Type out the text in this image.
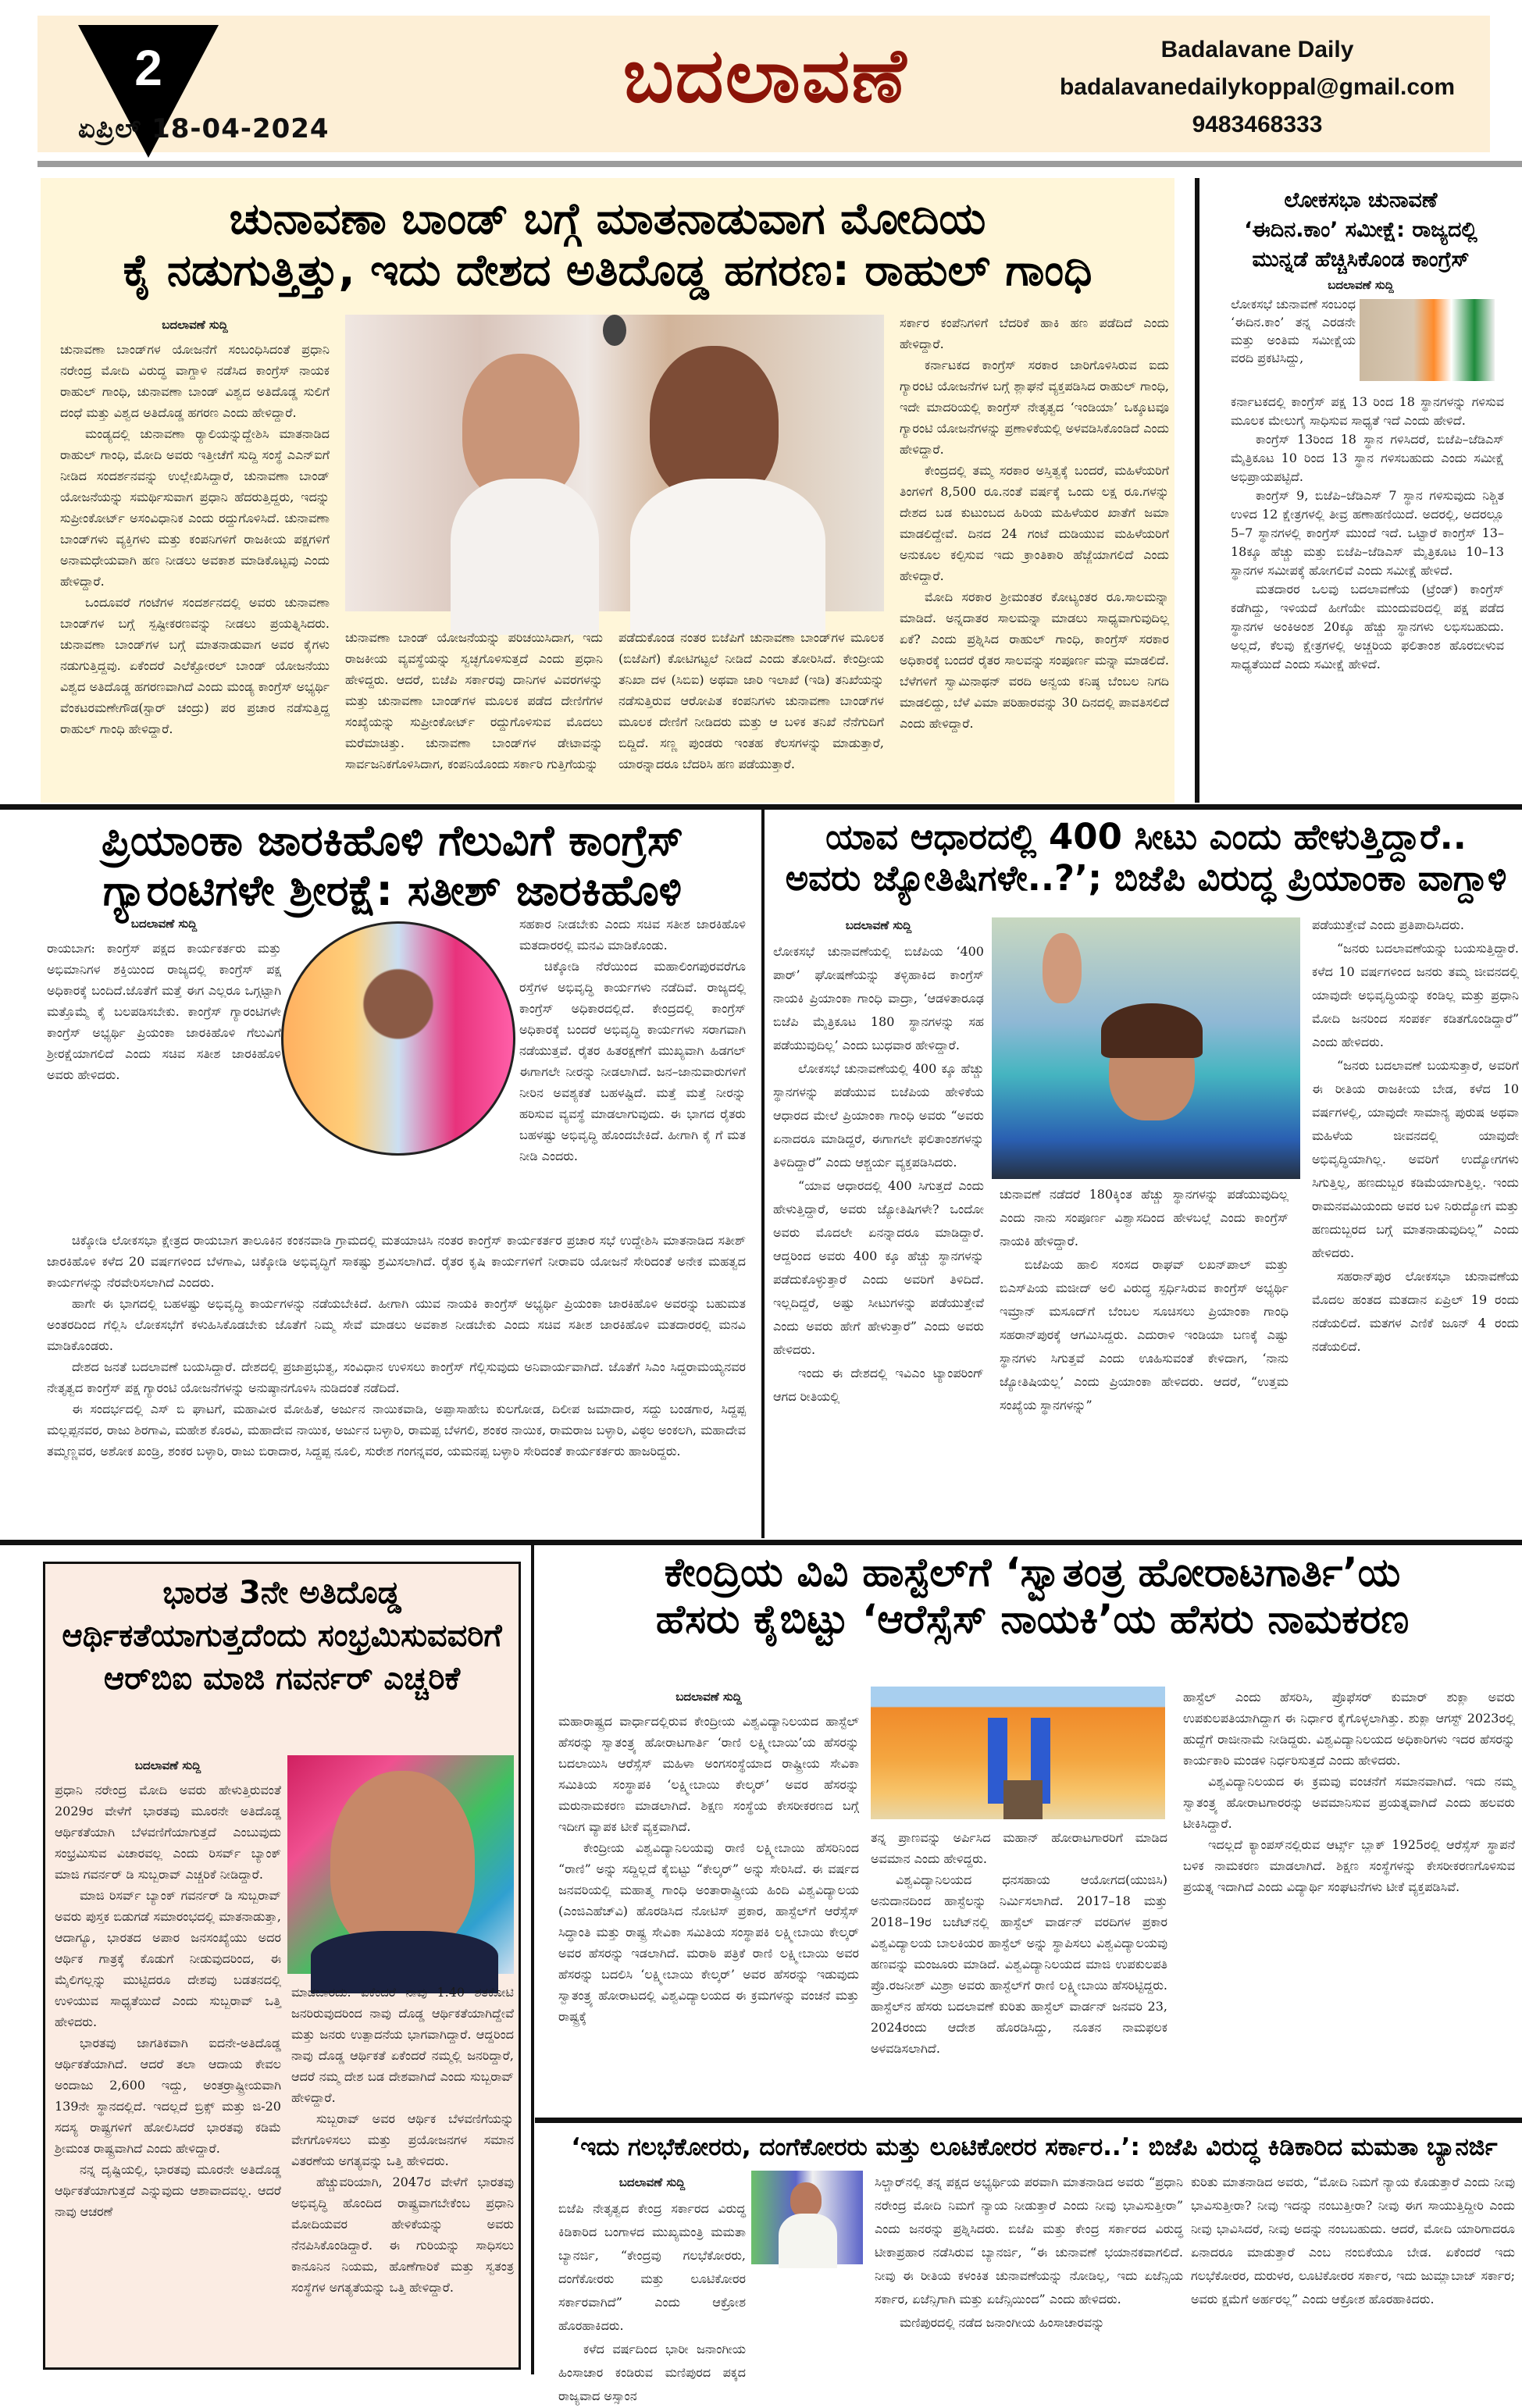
2
ಏಪ್ರಿಲ್ 18-04-2024
ಬದಲಾವಣೆ	Badalavane Daily
badalavanedailykoppal@gmail.com
9483468333
ಚುನಾವಣಾ ಬಾಂಡ್ ಬಗ್ಗೆ ಮಾತನಾಡುವಾಗ ಮೋದಿಯ
ಕೈ ನಡುಗುತ್ತಿತ್ತು, ಇದು ದೇಶದ ಅತಿದೊಡ್ಡ ಹಗರಣ: ರಾಹುಲ್ ಗಾಂಧಿ
ಬದಲಾವಣೆ ಸುದ್ದಿ

ಚುನಾವಣಾ ಬಾಂಡ್‌ಗಳ ಯೋಜನೆಗೆ ಸಂಬಂಧಿಸಿದಂತೆ ಪ್ರಧಾನಿ ನರೇಂದ್ರ ಮೋದಿ ವಿರುದ್ಧ ವಾಗ್ದಾಳಿ ನಡೆಸಿದ ಕಾಂಗ್ರೆಸ್ ನಾಯಕ ರಾಹುಲ್ ಗಾಂಧಿ, ಚುನಾವಣಾ ಬಾಂಡ್ ವಿಶ್ವದ ಅತಿದೊಡ್ಡ ಸುಲಿಗೆ ದಂಧೆ ಮತ್ತು ವಿಶ್ವದ ಅತಿದೊಡ್ಡ ಹಗರಣ ಎಂದು ಹೇಳಿದ್ದಾರೆ.

ಮಂಡ್ಯದಲ್ಲಿ ಚುನಾವಣಾ ರ‍್ಯಾಲಿಯನ್ನುದ್ದೇಶಿಸಿ ಮಾತನಾಡಿದ ರಾಹುಲ್ ಗಾಂಧಿ, ಮೋದಿ ಅವರು ಇತ್ತೀಚೆಗೆ ಸುದ್ದಿ ಸಂಸ್ಥೆ ಎಎನ್‌ಐಗೆ ನೀಡಿದ ಸಂದರ್ಶನವನ್ನು ಉಲ್ಲೇಖಿಸಿದ್ದಾರೆ, ಚುನಾವಣಾ ಬಾಂಡ್ ಯೋಜನೆಯನ್ನು ಸಮರ್ಥಿಸುವಾಗ ಪ್ರಧಾನಿ ಹೆದರುತ್ತಿದ್ದರು, ಇದನ್ನು ಸುಪ್ರೀಂಕೋರ್ಟ್ ಅಸಂವಿಧಾನಿಕ ಎಂದು ರದ್ದುಗೊಳಿಸಿದೆ. ಚುನಾವಣಾ ಬಾಂಡ್‌ಗಳು ವ್ಯಕ್ತಿಗಳು ಮತ್ತು ಕಂಪನಿಗಳಿಗೆ ರಾಜಕೀಯ ಪಕ್ಷಗಳಿಗೆ ಅನಾಮಧೇಯವಾಗಿ ಹಣ ನೀಡಲು ಅವಕಾಶ ಮಾಡಿಕೊಟ್ಟವು ಎಂದು ಹೇಳಿದ್ದಾರೆ.

ಒಂದೂವರೆ ಗಂಟೆಗಳ ಸಂದರ್ಶನದಲ್ಲಿ ಅವರು ಚುನಾವಣಾ ಬಾಂಡ್‌ಗಳ ಬಗ್ಗೆ ಸ್ಪಷ್ಟೀಕರಣವನ್ನು ನೀಡಲು ಪ್ರಯತ್ನಿಸಿದರು. ಚುನಾವಣಾ ಬಾಂಡ್‌ಗಳ ಬಗ್ಗೆ ಮಾತನಾಡುವಾಗ ಅವರ ಕೈಗಳು ನಡುಗುತ್ತಿದ್ದವು. ಏಕೆಂದರೆ ಎಲೆಕ್ಟೋರಲ್ ಬಾಂಡ್ ಯೋಜನೆಯು ವಿಶ್ವದ ಅತಿದೊಡ್ಡ ಹಗರಣವಾಗಿದೆ ಎಂದು ಮಂಡ್ಯ ಕಾಂಗ್ರೆಸ್ ಅಭ್ಯರ್ಥಿ ವೆಂಕಟರಮಣೇಗೌಡ(ಸ್ಟಾರ್ ಚಂದ್ರು) ಪರ ಪ್ರಚಾರ ನಡೆಸುತ್ತಿದ್ದ ರಾಹುಲ್ ಗಾಂಧಿ ಹೇಳಿದ್ದಾರೆ.

ಚುನಾವಣಾ ಬಾಂಡ್ ಯೋಜನೆಯನ್ನು ಪರಿಚಯಿಸಿದಾಗ, ಇದು ರಾಜಕೀಯ ವ್ಯವಸ್ಥೆಯನ್ನು ಸ್ವಚ್ಛಗೊಳಿಸುತ್ತದೆ ಎಂದು ಪ್ರಧಾನಿ ಹೇಳಿದ್ದರು. ಆದರೆ, ಬಿಜೆಪಿ ಸರ್ಕಾರವು ದಾನಿಗಳ ವಿವರಗಳನ್ನು ಮತ್ತು ಚುನಾವಣಾ ಬಾಂಡ್‌ಗಳ ಮೂಲಕ ಪಡೆದ ದೇಣಿಗೆಗಳ ಸಂಖ್ಯೆಯನ್ನು ಸುಪ್ರೀಂಕೋರ್ಟ್ ರದ್ದುಗೊಳಿಸುವ ಮೊದಲು ಮರೆಮಾಚಿತ್ತು. ಚುನಾವಣಾ ಬಾಂಡ್‌ಗಳ ಡೇಟಾವನ್ನು ಸಾರ್ವಜನಿಕಗೊಳಿಸಿದಾಗ, ಕಂಪನಿಯೊಂದು ಸರ್ಕಾರಿ ಗುತ್ತಿಗೆಯನ್ನು

ಪಡೆದುಕೊಂಡ ನಂತರ ಬಿಜೆಪಿಗೆ ಚುನಾವಣಾ ಬಾಂಡ್‌ಗಳ ಮೂಲಕ (ಬಿಜೆಪಿಗೆ) ಕೋಟಿಗಟ್ಟಲೆ ನೀಡಿದೆ ಎಂದು ತೋರಿಸಿದೆ. ಕೇಂದ್ರೀಯ ತನಿಖಾ ದಳ (ಸಿಬಿಐ) ಅಥವಾ ಜಾರಿ ಇಲಾಖೆ (ಇಡಿ) ತನಿಖೆಯನ್ನು ನಡೆಸುತ್ತಿರುವ ಆರೋಪಿತ ಕಂಪನಿಗಳು ಚುನಾವಣಾ ಬಾಂಡ್‌ಗಳ ಮೂಲಕ ದೇಣಿಗೆ ನೀಡಿದರು ಮತ್ತು ಆ ಬಳಿಕ ತನಿಖೆ ನೆನೆಗುದಿಗೆ ಬಿದ್ದಿದೆ. ಸಣ್ಣ ಪುಂಡರು ಇಂತಹ ಕೆಲಸಗಳನ್ನು ಮಾಡುತ್ತಾರೆ, ಯಾರನ್ನಾದರೂ ಬೆದರಿಸಿ ಹಣ ಪಡೆಯುತ್ತಾರೆ.

ಸರ್ಕಾರ ಕಂಪೆನಿಗಳಿಗೆ ಬೆದರಿಕೆ ಹಾಕಿ ಹಣ ಪಡೆದಿದೆ ಎಂದು ಹೇಳಿದ್ದಾರೆ.

ಕರ್ನಾಟಕದ ಕಾಂಗ್ರೆಸ್ ಸರಕಾರ ಜಾರಿಗೊಳಿಸಿರುವ ಐದು ಗ್ಯಾರಂಟಿ ಯೋಜನೆಗಳ ಬಗ್ಗೆ ಶ್ಲಾಘನೆ ವ್ಯಕ್ತಪಡಿಸಿದ ರಾಹುಲ್ ಗಾಂಧಿ, ಇದೇ ಮಾದರಿಯಲ್ಲಿ ಕಾಂಗ್ರೆಸ್ ನೇತೃತ್ವದ ‘ಇಂಡಿಯಾ’ ಒಕ್ಕೂಟವೂ ಗ್ಯಾರಂಟಿ ಯೋಜನೆಗಳನ್ನು ಪ್ರಣಾಳಿಕೆಯಲ್ಲಿ ಅಳವಡಿಸಿಕೊಂಡಿದೆ ಎಂದು ಹೇಳಿದ್ದಾರೆ.

ಕೇಂದ್ರದಲ್ಲಿ ತಮ್ಮ ಸರಕಾರ ಅಸ್ತಿತ್ವಕ್ಕೆ ಬಂದರೆ, ಮಹಿಳೆಯರಿಗೆ ತಿಂಗಳಿಗೆ 8,500 ರೂ.ನಂತೆ ವರ್ಷಕ್ಕೆ ಒಂದು ಲಕ್ಷ ರೂ.ಗಳನ್ನು ದೇಶದ ಬಡ ಕುಟುಂಬದ ಹಿರಿಯ ಮಹಿಳೆಯರ ಖಾತೆಗೆ ಜಮಾ ಮಾಡಲಿದ್ದೇವೆ. ದಿನದ 24 ಗಂಟೆ ದುಡಿಯುವ ಮಹಿಳೆಯರಿಗೆ ಅನುಕೂಲ ಕಲ್ಪಿಸುವ ಇದು ಕ್ರಾಂತಿಕಾರಿ ಹೆಜ್ಜೆಯಾಗಲಿದೆ ಎಂದು ಹೇಳಿದ್ದಾರೆ.

ಮೋದಿ ಸರಕಾರ ಶ್ರೀಮಂತರ ಕೋಟ್ಯಂತರ ರೂ.ಸಾಲಮನ್ನಾ ಮಾಡಿದೆ. ಅನ್ನದಾತರ ಸಾಲಮನ್ನಾ ಮಾಡಲು ಸಾಧ್ಯವಾಗುವುದಿಲ್ಲ ಏಕೆ? ಎಂದು ಪ್ರಶ್ನಿಸಿದ ರಾಹುಲ್ ಗಾಂಧಿ, ಕಾಂಗ್ರೆಸ್ ಸರಕಾರ ಅಧಿಕಾರಕ್ಕೆ ಬಂದರೆ ರೈತರ ಸಾಲವನ್ನು ಸಂಪೂರ್ಣ ಮನ್ನಾ ಮಾಡಲಿದೆ. ಬೆಳೆಗಳಿಗೆ ಸ್ವಾಮಿನಾಥನ್ ವರದಿ ಅನ್ವಯ ಕನಿಷ್ಠ ಬೆಂಬಲ ನಿಗದಿ ಮಾಡಲಿದ್ದು, ಬೆಳೆ ವಿಮಾ ಪರಿಹಾರವನ್ನು 30 ದಿನದಲ್ಲಿ ಪಾವತಿಸಲಿದೆ ಎಂದು ಹೇಳಿದ್ದಾರೆ.

ಲೋಕಸಭಾ ಚುನಾವಣೆ
‘ಈದಿನ.ಕಾಂ’ ಸಮೀಕ್ಷೆ: ರಾಜ್ಯದಲ್ಲಿ
ಮುನ್ನಡೆ ಹೆಚ್ಚಿಸಿಕೊಂಡ ಕಾಂಗ್ರೆಸ್
ಬದಲಾವಣೆ ಸುದ್ದಿ

ಲೋಕಸಭೆ ಚುನಾವಣೆ ಸಂಬಂಧ ‘ಈದಿನ.ಕಾಂ’ ತನ್ನ ಎರಡನೇ ಮತ್ತು ಅಂತಿಮ ಸಮೀಕ್ಷೆಯ ವರದಿ ಪ್ರಕಟಿಸಿದ್ದು,

ಕರ್ನಾಟಕದಲ್ಲಿ ಕಾಂಗ್ರೆಸ್ ಪಕ್ಷ 13 ರಿಂದ 18 ಸ್ಥಾನಗಳನ್ನು ಗಳಿಸುವ ಮೂಲಕ ಮೇಲುಗೈ ಸಾಧಿಸುವ ಸಾಧ್ಯತೆ ಇದೆ ಎಂದು ಹೇಳಿದೆ.

ಕಾಂಗ್ರೆಸ್ 13ರಿಂದ 18 ಸ್ಥಾನ ಗಳಿಸಿದರೆ, ಬಿಜೆಪಿ–ಜೆಡಿಎಸ್ ಮೈತ್ರಿಕೂಟ 10 ರಿಂದ 13 ಸ್ಥಾನ ಗಳಿಸಬಹುದು ಎಂದು ಸಮೀಕ್ಷೆ ಅಭಿಪ್ರಾಯಪಟ್ಟಿದೆ.

ಕಾಂಗ್ರೆಸ್ 9, ಬಿಜೆಪಿ–ಜೆಡಿಎಸ್ 7 ಸ್ಥಾನ ಗಳಿಸುವುದು ನಿಶ್ಚಿತ ಉಳಿದ 12 ಕ್ಷೇತ್ರಗಳಲ್ಲಿ ತೀವ್ರ ಹಣಾಹಣಿಯಿದೆ. ಅದರಲ್ಲಿ, ಅದರಲ್ಲೂ 5–7 ಸ್ಥಾನಗಳಲ್ಲಿ ಕಾಂಗ್ರೆಸ್ ಮುಂದೆ ಇದೆ. ಒಟ್ಟಾರೆ ಕಾಂಗ್ರೆಸ್ 13–18ಕ್ಕೂ ಹೆಚ್ಚು ಮತ್ತು ಬಿಜೆಪಿ–ಜೆಡಿಎಸ್ ಮೈತ್ರಿಕೂಟ 10–13 ಸ್ಥಾನಗಳ ಸಮೀಪಕ್ಕೆ ಹೋಗಲಿವೆ ಎಂದು ಸಮೀಕ್ಷೆ ಹೇಳಿದೆ.

ಮತದಾರರ ಒಲವು ಬದಲಾವಣೆಯ (ಟ್ರೆಂಡ್) ಕಾಂಗ್ರೆಸ್ ಕಡೆಗಿದ್ದು, ಇಳಿಯದೆ ಹೀಗೆಯೇ ಮುಂದುವರಿದಲ್ಲಿ ಪಕ್ಷ ಪಡೆದ ಸ್ಥಾನಗಳ ಅಂಕಿಅಂಶ 20ಕ್ಕೂ ಹೆಚ್ಚು ಸ್ಥಾನಗಳು ಲಭಿಸಬಹುದು. ಅಲ್ಲದೆ, ಕೆಲವು ಕ್ಷೇತ್ರಗಳಲ್ಲಿ ಅಚ್ಚರಿಯ ಫಲಿತಾಂಶ ಹೊರಬೀಳುವ ಸಾಧ್ಯತೆಯಿದೆ ಎಂದು ಸಮೀಕ್ಷೆ ಹೇಳಿದೆ.

ಪ್ರಿಯಾಂಕಾ ಜಾರಕಿಹೊಳಿ ಗೆಲುವಿಗೆ ಕಾಂಗ್ರೆಸ್
ಗ್ಯಾರಂಟಿಗಳೇ ಶ್ರೀರಕ್ಷೆ: ಸತೀಶ್ ಜಾರಕಿಹೊಳಿ
ಬದಲಾವಣೆ ಸುದ್ದಿ

ರಾಯಬಾಗ: ಕಾಂಗ್ರೆಸ್ ಪಕ್ಷದ ಕಾರ್ಯಕರ್ತರು ಮತ್ತು ಅಭಿಮಾನಿಗಳ ಶಕ್ತಿಯಿಂದ ರಾಜ್ಯದಲ್ಲಿ ಕಾಂಗ್ರೆಸ್ ಪಕ್ಷ ಅಧಿಕಾರಕ್ಕೆ ಬಂದಿದೆ.ಜೊತೆಗೆ ಮತ್ತೆ ಈಗ ಎಲ್ಲರೂ ಒಗ್ಗಟ್ಟಾಗಿ ಮತ್ತೊಮ್ಮೆ ಕೈ ಬಲಪಡಿಸಬೇಕು. ಕಾಂಗ್ರೆಸ್ ಗ್ಯಾರಂಟಿಗಳೇ ಕಾಂಗ್ರೆಸ್ ಅಭ್ಯರ್ಥಿ ಪ್ರಿಯಂಕಾ ಜಾರಕಿಹೊಳಿ ಗೆಲುವಿಗೆ ಶ್ರೀರಕ್ಷೆಯಾಗಲಿದೆ ಎಂದು ಸಚಿವ ಸತೀಶ ಜಾರಕಿಹೊಳಿ ಅವರು ಹೇಳಿದರು.

ಸಹಕಾರ ನೀಡಬೇಕು ಎಂದು ಸಚಿವ ಸತೀಶ ಜಾರಕಿಹೊಳಿ ಮತದಾರರಲ್ಲಿ ಮನವಿ ಮಾಡಿಕೊಂಡು.

ಚಿಕ್ಕೋಡಿ ನೆರೆಯಿಂದ ಮಹಾಲಿಂಗಪುರವರೆಗೂ ರಸ್ತೆಗಳ ಅಭಿವೃದ್ಧಿ ಕಾರ್ಯಗಳು ನಡೆದಿವೆ. ರಾಜ್ಯದಲ್ಲಿ ಕಾಂಗ್ರೆಸ್ ಅಧಿಕಾರದಲ್ಲಿದೆ. ಕೇಂದ್ರದಲ್ಲಿ ಕಾಂಗ್ರೆಸ್ ಅಧಿಕಾರಕ್ಕೆ ಬಂದರೆ ಅಭಿವೃದ್ಧಿ ಕಾರ್ಯಗಳು ಸರಾಗವಾಗಿ ನಡೆಯುತ್ತವೆ. ರೈತರ ಹಿತರಕ್ಷಣೆಗೆ ಮುಖ್ಯವಾಗಿ ಹಿಡಗಲ್ ಈಗಾಗಲೇ ನೀರನ್ನು ನೀಡಲಾಗಿದೆ. ಜನ–ಜಾನುವಾರುಗಳಿಗೆ ನೀರಿನ ಅವಶ್ಯಕತೆ ಬಹಳಷ್ಟಿದೆ. ಮತ್ತೆ ಮತ್ತೆ ನೀರನ್ನು ಹರಿಸುವ ವ್ಯವಸ್ಥೆ ಮಾಡಲಾಗುವುದು. ಈ ಭಾಗದ ರೈತರು ಬಹಳಷ್ಟು ಅಭಿವೃದ್ಧಿ ಹೊಂದಬೇಕಿದೆ. ಹೀಗಾಗಿ ಕೈ ಗೆ ಮತ ನೀಡಿ ಎಂದರು.

ಚಿಕ್ಕೋಡಿ ಲೋಕಸಭಾ ಕ್ಷೇತ್ರದ ರಾಯಬಾಗ ತಾಲೂಕಿನ ಕಂಕನವಾಡಿ ಗ್ರಾಮದಲ್ಲಿ ಮತಯಾಚಿಸಿ ನಂತರ ಕಾಂಗ್ರೆಸ್ ಕಾರ್ಯಕರ್ತರ ಪ್ರಚಾರ ಸಭೆ ಉದ್ದೇಶಿಸಿ ಮಾತನಾಡಿದ ಸತೀಶ್ ಜಾರಕಿಹೊಳಿ ಕಳೆದ 20 ವರ್ಷಗಳಿಂದ ಬೆಳಗಾವಿ, ಚಿಕ್ಕೋಡಿ ಅಭಿವೃದ್ಧಿಗೆ ಸಾಕಷ್ಟು ಶ್ರಮಿಸಲಾಗಿದೆ. ರೈತರ ಕೃಷಿ ಕಾರ್ಯಗಳಿಗೆ ನೀರಾವರಿ ಯೋಜನೆ ಸೇರಿದಂತೆ ಅನೇಕ ಮಹತ್ವದ ಕಾರ್ಯಗಳನ್ನು ನೆರವೇರಿಸಲಾಗಿದೆ ಎಂದರು.

ಹಾಗೇ ಈ ಭಾಗದಲ್ಲಿ ಬಹಳಷ್ಟು ಅಭಿವೃದ್ಧಿ ಕಾರ್ಯಗಳನ್ನು ನಡೆಯಬೇಕಿದೆ. ಹೀಗಾಗಿ ಯುವ ನಾಯಕಿ ಕಾಂಗ್ರೆಸ್ ಅಭ್ಯರ್ಥಿ ಪ್ರಿಯಂಕಾ ಜಾರಕಿಹೊಳಿ ಅವರನ್ನು ಬಹುಮತ ಅಂತರದಿಂದ ಗೆಲ್ಲಿಸಿ ಲೋಕಸಭೆಗೆ ಕಳುಹಿಸಿಕೊಡಬೇಕು ಜೊತೆಗೆ ನಿಮ್ಮ ಸೇವೆ ಮಾಡಲು ಅವಕಾಶ ನೀಡಬೇಕು ಎಂದು ಸಚಿವ ಸತೀಶ ಜಾರಕಿಹೊಳಿ ಮತದಾರರಲ್ಲಿ ಮನವಿ ಮಾಡಿಕೊಂಡರು.

ದೇಶದ ಜನತೆ ಬದಲಾವಣೆ ಬಯಸಿದ್ದಾರೆ. ದೇಶದಲ್ಲಿ ಪ್ರಜಾಪ್ರಭುತ್ವ, ಸಂವಿಧಾನ ಉಳಿಸಲು ಕಾಂಗ್ರೆಸ್ ಗೆಲ್ಲಿಸುವುದು ಅನಿವಾರ್ಯವಾಗಿದೆ. ಜೊತೆಗೆ ಸಿಎಂ ಸಿದ್ದರಾಮಯ್ಯನವರ ನೇತೃತ್ವದ ಕಾಂಗ್ರೆಸ್ ಪಕ್ಷ ಗ್ಯಾರಂಟಿ ಯೋಜನೆಗಳನ್ನು ಅನುಷ್ಠಾನಗೊಳಿಸಿ ನುಡಿದಂತೆ ನಡೆದಿದೆ.

ಈ ಸಂದರ್ಭದಲ್ಲಿ ಎಸ್ ಬಿ ಘಾಟಗೆ, ಮಹಾವೀರ ಮೋಹಿತೆ, ಅರ್ಜುನ ನಾಯಿಕವಾಡಿ, ಅಪ್ಪಾಸಾಹೇಬ ಕುಲಗೋಡ, ದಿಲೀಪ ಜಮಾದಾರ, ಸದ್ದು ಬಂಡಗಾರ, ಸಿದ್ದಪ್ಪ ಮಲ್ಲಪ್ಪನವರ, ರಾಜು ಶಿರಗಾವಿ, ಮಹೇಶ ಕೊರವಿ, ಮಹಾದೇವ ನಾಯಿಕ, ಅರ್ಜುನ ಬಳ್ಳಾರಿ, ರಾಮಪ್ಪ ಬೆಳಗಲಿ, ಶಂಕರ ನಾಯಿಕ, ರಾಮರಾಜ ಬಳ್ಳಾರಿ, ವಿಠ್ಠಲ ಅಂಕಲಗಿ, ಮಹಾದೇವ ತಮ್ಮಣ್ಣವರ, ಅಶೋಕ ಖಂಡ್ರಿ, ಶಂಕರ ಬಳ್ಳಾರಿ, ರಾಜು ಬಿರಾದಾರ, ಸಿದ್ದಪ್ಪ ನೂಲಿ, ಸುರೇಶ ಗಂಗನ್ನವರ, ಯಮನಪ್ಪ ಬಳ್ಳಾರಿ ಸೇರಿದಂತೆ ಕಾರ್ಯಕರ್ತರು ಹಾಜರಿದ್ದರು.

ಯಾವ ಆಧಾರದಲ್ಲಿ 400 ಸೀಟು ಎಂದು ಹೇಳುತ್ತಿದ್ದಾರೆ..
ಅವರು ಜ್ಯೋತಿಷಿಗಳೇ..?’; ಬಿಜೆಪಿ ವಿರುದ್ಧ ಪ್ರಿಯಾಂಕಾ ವಾಗ್ದಾಳಿ
ಬದಲಾವಣೆ ಸುದ್ದಿ

ಲೋಕಸಭೆ ಚುನಾವಣೆಯಲ್ಲಿ ಬಿಜೆಪಿಯ ‘400 ಪಾರ್’ ಘೋಷಣೆಯನ್ನು ತಳ್ಳಿಹಾಕಿದ ಕಾಂಗ್ರೆಸ್ ನಾಯಕಿ ಪ್ರಿಯಾಂಕಾ ಗಾಂಧಿ ವಾದ್ರಾ, ‘ಆಡಳಿತಾರೂಢ ಬಿಜೆಪಿ ಮೈತ್ರಿಕೂಟ 180 ಸ್ಥಾನಗಳನ್ನು ಸಹ ಪಡೆಯುವುದಿಲ್ಲ’ ಎಂದು ಬುಧವಾರ ಹೇಳಿದ್ದಾರೆ.

ಲೋಕಸಭೆ ಚುನಾವಣೆಯಲ್ಲಿ 400 ಕ್ಕೂ ಹೆಚ್ಚು ಸ್ಥಾನಗಳನ್ನು ಪಡೆಯುವ ಬಿಜೆಪಿಯ ಹೇಳಿಕೆಯ ಆಧಾರದ ಮೇಲೆ ಪ್ರಿಯಾಂಕಾ ಗಾಂಧಿ ಅವರು “ಅವರು ಏನಾದರೂ ಮಾಡಿದ್ದರೆ, ಈಗಾಗಲೇ ಫಲಿತಾಂಶಗಳನ್ನು ತಿಳಿದಿದ್ದಾರೆ” ಎಂದು ಆಶ್ಚರ್ಯ ವ್ಯಕ್ತಪಡಿಸಿದರು.

“ಯಾವ ಆಧಾರದಲ್ಲಿ 400 ಸಿಗುತ್ತದೆ ಎಂದು ಹೇಳುತ್ತಿದ್ದಾರೆ, ಅವರು ಜ್ಯೋತಿಷಿಗಳೇ? ಒಂದೋ ಅವರು ಮೊದಲೇ ಏನನ್ನಾದರೂ ಮಾಡಿದ್ದಾರೆ. ಆದ್ದರಿಂದ ಅವರು 400 ಕ್ಕೂ ಹೆಚ್ಚು ಸ್ಥಾನಗಳನ್ನು ಪಡೆದುಕೊಳ್ಳುತ್ತಾರೆ ಎಂದು ಅವರಿಗೆ ತಿಳಿದಿದೆ. ಇಲ್ಲದಿದ್ದರೆ, ಅಷ್ಟು ಸೀಟುಗಳನ್ನು ಪಡೆಯುತ್ತೇವೆ ಎಂದು ಅವರು ಹೇಗೆ ಹೇಳುತ್ತಾರೆ” ಎಂದು ಅವರು ಹೇಳಿದರು.

ಇಂದು ಈ ದೇಶದಲ್ಲಿ ಇವಿಎಂ ಟ್ಯಾಂಪರಿಂಗ್ ಆಗದ ರೀತಿಯಲ್ಲಿ

ಚುನಾವಣೆ ನಡೆದರೆ 180ಕ್ಕಿಂತ ಹೆಚ್ಚು ಸ್ಥಾನಗಳನ್ನು ಪಡೆಯುವುದಿಲ್ಲ ಎಂದು ನಾನು ಸಂಪೂರ್ಣ ವಿಶ್ವಾಸದಿಂದ ಹೇಳಬಲ್ಲೆ ಎಂದು ಕಾಂಗ್ರೆಸ್ ನಾಯಕಿ ಹೇಳಿದ್ದಾರೆ.

ಬಿಜೆಪಿಯ ಹಾಲಿ ಸಂಸದ ರಾಘವ್ ಲಖನ್‌ಪಾಲ್ ಮತ್ತು ಬಿಎಸ್‌ಪಿಯ ಮಜೀದ್ ಅಲಿ ವಿರುದ್ಧ ಸ್ಪರ್ಧಿಸಿರುವ ಕಾಂಗ್ರೆಸ್ ಅಭ್ಯರ್ಥಿ ಇಮ್ರಾನ್ ಮಸೂದ್‌ಗೆ ಬೆಂಬಲ ಸೂಚಿಸಲು ಪ್ರಿಯಾಂಕಾ ಗಾಂಧಿ ಸಹರಾನ್‌ಪುರಕ್ಕೆ ಆಗಮಿಸಿದ್ದರು. ಎದುರಾಳಿ ಇಂಡಿಯಾ ಬಣಕ್ಕೆ ಎಷ್ಟು ಸ್ಥಾನಗಳು ಸಿಗುತ್ತವೆ ಎಂದು ಊಹಿಸುವಂತೆ ಕೇಳಿದಾಗ, ‘ನಾನು ಜ್ಯೋತಿಷಿಯಲ್ಲ’ ಎಂದು ಪ್ರಿಯಾಂಕಾ ಹೇಳಿದರು. ಆದರೆ, “ಉತ್ತಮ ಸಂಖ್ಯೆಯ ಸ್ಥಾನಗಳನ್ನು”

ಪಡೆಯುತ್ತೇವೆ ಎಂದು ಪ್ರತಿಪಾದಿಸಿದರು.

“ಜನರು ಬದಲಾವಣೆಯನ್ನು ಬಯಸುತ್ತಿದ್ದಾರೆ. ಕಳೆದ 10 ವರ್ಷಗಳಿಂದ ಜನರು ತಮ್ಮ ಜೀವನದಲ್ಲಿ ಯಾವುದೇ ಅಭಿವೃದ್ಧಿಯನ್ನು ಕಂಡಿಲ್ಲ ಮತ್ತು ಪ್ರಧಾನಿ ಮೋದಿ ಜನರಿಂದ ಸಂಪರ್ಕ ಕಡಿತಗೊಂಡಿದ್ದಾರೆ” ಎಂದು ಹೇಳಿದರು.

“ಜನರು ಬದಲಾವಣೆ ಬಯಸುತ್ತಾರೆ, ಅವರಿಗೆ ಈ ರೀತಿಯ ರಾಜಕೀಯ ಬೇಡ, ಕಳೆದ 10 ವರ್ಷಗಳಲ್ಲಿ, ಯಾವುದೇ ಸಾಮಾನ್ಯ ಪುರುಷ ಅಥವಾ ಮಹಿಳೆಯ ಜೀವನದಲ್ಲಿ ಯಾವುದೇ ಅಭಿವೃದ್ಧಿಯಾಗಿಲ್ಲ. ಅವರಿಗೆ ಉದ್ಯೋಗಗಳು ಸಿಗುತ್ತಿಲ್ಲ, ಹಣದುಬ್ಬರ ಕಡಿಮೆಯಾಗುತ್ತಿಲ್ಲ. ಇಂದು ರಾಮನವಮಿಯಂದು ಅವರ ಬಳಿ ನಿರುದ್ಯೋಗ ಮತ್ತು ಹಣದುಬ್ಬರದ ಬಗ್ಗೆ ಮಾತನಾಡುವುದಿಲ್ಲ” ಎಂದು ಹೇಳಿದರು.

ಸಹರಾನ್‌ಪುರ ಲೋಕಸಭಾ ಚುನಾವಣೆಯ ಮೊದಲ ಹಂತದ ಮತದಾನ ಏಪ್ರಿಲ್ 19 ರಂದು ನಡೆಯಲಿದೆ. ಮತಗಳ ಎಣಿಕೆ ಜೂನ್ 4 ರಂದು ನಡೆಯಲಿದೆ.

ಭಾರತ 3ನೇ ಅತಿದೊಡ್ಡ
ಆರ್ಥಿಕತೆಯಾಗುತ್ತದೆಂದು ಸಂಭ್ರಮಿಸುವವರಿಗೆ
ಆರ್‌ಬಿಐ ಮಾಜಿ ಗವರ್ನರ್ ಎಚ್ಚರಿಕೆ
ಬದಲಾವಣೆ ಸುದ್ದಿ

ಪ್ರಧಾನಿ ನರೇಂದ್ರ ಮೋದಿ ಅವರು ಹೇಳುತ್ತಿರುವಂತೆ 2029ರ ವೇಳೆಗೆ ಭಾರತವು ಮೂರನೇ ಅತಿದೊಡ್ಡ ಆರ್ಥಿಕತೆಯಾಗಿ ಬೆಳವಣಿಗೆಯಾಗುತ್ತದೆ ಎಂಬುವುದು ಸಂಭ್ರಮಿಸುವ ವಿಚಾರವಲ್ಲ ಎಂದು ರಿಸರ್ವ್ ಬ್ಯಾಂಕ್ ಮಾಜಿ ಗವರ್ನರ್ ಡಿ ಸುಬ್ಬರಾವ್ ಎಚ್ಚರಿಕೆ ನೀಡಿದ್ದಾರೆ.

ಮಾಜಿ ರಿಸರ್ವ್ ಬ್ಯಾಂಕ್ ಗವರ್ನರ್ ಡಿ ಸುಬ್ಬರಾವ್ ಅವರು ಪುಸ್ತಕ ಬಿಡುಗಡೆ ಸಮಾರಂಭದಲ್ಲಿ ಮಾತನಾಡುತ್ತಾ, ಆದಾಗ್ಯೂ, ಭಾರತದ ಅಪಾರ ಜನಸಂಖ್ಯೆಯು ಅದರ ಆರ್ಥಿಕ ಗಾತ್ರಕ್ಕೆ ಕೊಡುಗೆ ನೀಡುವುದರಿಂದ, ಈ ಮೈಲಿಗಲ್ಲನ್ನು ಮುಟ್ಟಿದರೂ ದೇಶವು ಬಡತನದಲ್ಲಿ ಉಳಿಯುವ ಸಾಧ್ಯತೆಯಿದೆ ಎಂದು ಸುಬ್ಬರಾವ್ ಒತ್ತಿ ಹೇಳಿದರು.

ಭಾರತವು ಜಾಗತಿಕವಾಗಿ ಐದನೇ-ಅತಿದೊಡ್ಡ ಆರ್ಥಿಕತೆಯಾಗಿದೆ. ಆದರೆ ತಲಾ ಆದಾಯ ಕೇವಲ ಅಂದಾಜು 2,600 ಇದ್ದು, ಅಂತರ್ರಾಷ್ಟ್ರೀಯವಾಗಿ 139ನೇ ಸ್ಥಾನದಲ್ಲಿದೆ. ಇದಲ್ಲದೆ ಬ್ರಿಕ್ಸ್ ಮತ್ತು ಜಿ-20 ಸದಸ್ಯ ರಾಷ್ಟ್ರಗಳಿಗೆ ಹೋಲಿಸಿದರೆ ಭಾರತವು ಕಡಿಮೆ ಶ್ರೀಮಂತ ರಾಷ್ಟ್ರವಾಗಿದೆ ಎಂದು ಹೇಳಿದ್ದಾರೆ.

ನನ್ನ ದೃಷ್ಟಿಯಲ್ಲಿ, ಭಾರತವು ಮೂರನೇ ಅತಿದೊಡ್ಡ ಆರ್ಥಿಕತೆಯಾಗುತ್ತದೆ ಎನ್ನುವುದು ಆಶಾವಾದವಲ್ಲ. ಆದರೆ ನಾವು ಆಚರಣೆ

ಮಾಡಬಾರದು. ಏಕೆಂದರೆ ನಾವು 1.40 ಶತಕೋಟಿ ಜನರಿರುವುದರಿಂದ ನಾವು ದೊಡ್ಡ ಆರ್ಥಿಕತೆಯಾಗಿದ್ದೇವೆ ಮತ್ತು ಜನರು ಉತ್ಪಾದನೆಯ ಭಾಗವಾಗಿದ್ದಾರೆ. ಆದ್ದರಿಂದ ನಾವು ದೊಡ್ಡ ಆರ್ಥಿಕತೆ ಏಕೆಂದರೆ ನಮ್ಮಲ್ಲಿ ಜನರಿದ್ದಾರೆ, ಆದರೆ ನಮ್ಮ ದೇಶ ಬಡ ದೇಶವಾಗಿದೆ ಎಂದು ಸುಬ್ಬರಾವ್ ಹೇಳಿದ್ದಾರೆ.

ಸುಬ್ಬರಾವ್ ಅವರ ಆರ್ಥಿಕ ಬೆಳವಣಿಗೆಯನ್ನು ವೇಗಗೊಳಿಸಲು ಮತ್ತು ಪ್ರಯೋಜನಗಳ ಸಮಾನ ವಿತರಣೆಯ ಅಗತ್ಯವನ್ನು ಒತ್ತಿ ಹೇಳಿದರು.

ಹೆಚ್ಚುವರಿಯಾಗಿ, 2047ರ ವೇಳೆಗೆ ಭಾರತವು ಅಭಿವೃದ್ಧಿ ಹೊಂದಿದ ರಾಷ್ಟ್ರವಾಗಬೇಕೆಂಬ ಪ್ರಧಾನಿ ಮೋದಿಯವರ ಹೇಳಿಕೆಯನ್ನು ಅವರು ನೆನಪಿಸಿಕೊಂಡಿದ್ದಾರೆ. ಈ ಗುರಿಯನ್ನು ಸಾಧಿಸಲು ಕಾನೂನಿನ ನಿಯಮ, ಹೊಣೆಗಾರಿಕೆ ಮತ್ತು ಸ್ವತಂತ್ರ ಸಂಸ್ಥೆಗಳ ಅಗತ್ಯತೆಯನ್ನು ಒತ್ತಿ ಹೇಳಿದ್ದಾರೆ.

ಕೇಂದ್ರಿಯ ವಿವಿ ಹಾಸ್ಟೆಲ್‌ಗೆ ‘ಸ್ವಾತಂತ್ರ ಹೋರಾಟಗಾರ್ತಿ’ಯ
ಹೆಸರು ಕೈಬಿಟ್ಟು ‘ಆರೆಸ್ಸೆಸ್ ನಾಯಕಿ’ಯ ಹೆಸರು ನಾಮಕರಣ
ಬದಲಾವಣೆ ಸುದ್ದಿ

ಮಹಾರಾಷ್ಟ್ರದ ವಾರ್ಧಾದಲ್ಲಿರುವ ಕೇಂದ್ರೀಯ ವಿಶ್ವವಿದ್ಯಾನಿಲಯದ ಹಾಸ್ಟೆಲ್ ಹೆಸರನ್ನು ಸ್ವಾತಂತ್ರ್ಯ ಹೋರಾಟಗಾರ್ತಿ ‘ರಾಣಿ ಲಕ್ಷ್ಮೀಬಾಯಿ’ಯ ಹೆಸರನ್ನು ಬದಲಾಯಿಸಿ ಆರೆಸ್ಸೆಸ್ ಮಹಿಳಾ ಅಂಗಸಂಸ್ಥೆಯಾದ ರಾಷ್ಟ್ರೀಯ ಸೇವಿಕಾ ಸಮಿತಿಯ ಸಂಸ್ಥಾಪಕಿ ‘ಲಕ್ಷ್ಮೀಬಾಯಿ ಕೇಲ್ಕರ್’ ಅವರ ಹೆಸರನ್ನು ಮರುನಾಮಕರಣ ಮಾಡಲಾಗಿದೆ. ಶಿಕ್ಷಣ ಸಂಸ್ಥೆಯ ಕೇಸರೀಕರಣದ ಬಗ್ಗೆ ಇದೀಗ ವ್ಯಾಪಕ ಟೀಕೆ ವ್ಯಕ್ತವಾಗಿದೆ.

ಕೇಂದ್ರೀಯ ವಿಶ್ವವಿದ್ಯಾನಿಲಯವು ರಾಣಿ ಲಕ್ಷ್ಮೀಬಾಯಿ ಹೆಸರಿನಿಂದ “ರಾಣಿ” ಅನ್ನು ಸದ್ದಿಲ್ಲದೆ ಕೈಬಿಟ್ಟು “ಕೇಲ್ಕರ್” ಅನ್ನು ಸೇರಿಸಿದೆ. ಈ ವರ್ಷದ ಜನವರಿಯಲ್ಲಿ ಮಹಾತ್ಮ ಗಾಂಧಿ ಅಂತಾರಾಷ್ಟ್ರೀಯ ಹಿಂದಿ ವಿಶ್ವವಿದ್ಯಾಲಯ (ಎಂಜಿಎಹೆಚ್‌ವಿ) ಹೊರಡಿಸಿದ ನೋಟಿಸ್ ಪ್ರಕಾರ, ಹಾಸ್ಟೆಲ್‌ಗೆ ಆರೆಸ್ಸೆಸ್ ಸಿದ್ಧಾಂತಿ ಮತ್ತು ರಾಷ್ಟ್ರ ಸೇವಿಕಾ ಸಮಿತಿಯ ಸಂಸ್ಥಾಪಕಿ ಲಕ್ಷ್ಮೀಬಾಯಿ ಕೇಲ್ಕರ್ ಅವರ ಹೆಸರನ್ನು ಇಡಲಾಗಿದೆ. ಮರಾಠಿ ಪತ್ರಿಕೆ ರಾಣಿ ಲಕ್ಷ್ಮೀಬಾಯಿ ಅವರ ಹೆಸರನ್ನು ಬದಲಿಸಿ ‘ಲಕ್ಷ್ಮೀಬಾಯಿ ಕೇಲ್ಕರ್’ ಅವರ ಹೆಸರನ್ನು ಇಡುವುದು ಸ್ವಾತಂತ್ರ್ಯ ಹೋರಾಟದಲ್ಲಿ ವಿಶ್ವವಿದ್ಯಾಲಯದ ಈ ಕ್ರಮಗಳನ್ನು ವಂಚನೆ ಮತ್ತು ರಾಷ್ಟ್ರಕ್ಕೆ

ತನ್ನ ಪ್ರಾಣವನ್ನು ಅರ್ಪಿಸಿದ ಮಹಾನ್ ಹೋರಾಟಗಾರರಿಗೆ ಮಾಡಿದ ಅವಮಾನ ಎಂದು ಹೇಳಿದ್ದರು.

ವಿಶ್ವವಿದ್ಯಾನಿಲಯದ ಧನಸಹಾಯ ಆಯೋಗದ(ಯುಜಿಸಿ) ಅನುದಾನದಿಂದ ಹಾಸ್ಟೆಲನ್ನು ನಿರ್ಮಿಸಲಾಗಿದೆ. 2017–18 ಮತ್ತು 2018–19ರ ಬಜೆಟ್‌ನಲ್ಲಿ ಹಾಸ್ಟೆಲ್ ವಾರ್ಡನ್ ವರದಿಗಳ ಪ್ರಕಾರ ವಿಶ್ವವಿದ್ಯಾಲಯ ಬಾಲಕಿಯರ ಹಾಸ್ಟೆಲ್ ಅನ್ನು ಸ್ಥಾಪಿಸಲು ವಿಶ್ವವಿದ್ಯಾಲಯವು ಹಣವನ್ನು ಮಂಜೂರು ಮಾಡಿದೆ. ವಿಶ್ವವಿದ್ಯಾನಿಲಯದ ಮಾಜಿ ಉಪಕುಲಪತಿ ಪ್ರೊ.ರಜನೀಶ್ ಮಿಶ್ರಾ ಅವರು ಹಾಸ್ಟೆಲ್‌ಗೆ ರಾಣಿ ಲಕ್ಷ್ಮೀಬಾಯಿ ಹೆಸರಿಟ್ಟಿದ್ದರು. ಹಾಸ್ಟೆಲ್‌ನ ಹೆಸರು ಬದಲಾವಣೆ ಕುರಿತು ಹಾಸ್ಟೆಲ್ ವಾರ್ಡನ್ ಜನವರಿ 23, 2024ರಂದು ಆದೇಶ ಹೊರಡಿಸಿದ್ದು, ನೂತನ ನಾಮಫಲಕ ಅಳವಡಿಸಲಾಗಿದೆ.

ಹಾಸ್ಟೆಲ್ ಎಂದು ಹೆಸರಿಸಿ, ಪ್ರೊಫೆಸರ್ ಕುಮಾರ್ ಶುಕ್ಲಾ ಅವರು ಉಪಕುಲಪತಿಯಾಗಿದ್ದಾಗ ಈ ನಿರ್ಧಾರ ಕೈಗೊಳ್ಳಲಾಗಿತ್ತು. ಶುಕ್ಲಾ ಆಗಸ್ಟ್ 2023ರಲ್ಲಿ ಹುದ್ದೆಗೆ ರಾಜೀನಾಮೆ ನೀಡಿದ್ದರು. ವಿಶ್ವವಿದ್ಯಾನಿಲಯದ ಅಧಿಕಾರಿಗಳು ಇದರ ಹೆಸರನ್ನು ಕಾರ್ಯಕಾರಿ ಮಂಡಳಿ ನಿರ್ಧರಿಸುತ್ತದೆ ಎಂದು ಹೇಳಿದರು.

ವಿಶ್ವವಿದ್ಯಾನಿಲಯದ ಈ ಕ್ರಮವು ವಂಚನೆಗೆ ಸಮಾನವಾಗಿದೆ. ಇದು ನಮ್ಮ ಸ್ವಾತಂತ್ರ್ಯ ಹೋರಾಟಗಾರರನ್ನು ಅವಮಾನಿಸುವ ಪ್ರಯತ್ನವಾಗಿದೆ ಎಂದು ಹಲವರು ಟೀಕಿಸಿದ್ದಾರೆ.

ಇದಲ್ಲದೆ ಕ್ಯಾಂಪಸ್‌ನಲ್ಲಿರುವ ಆರ್ಟ್ಸ್ ಬ್ಲಾಕ್ 1925ರಲ್ಲಿ ಆರೆಸ್ಸೆಸ್ ಸ್ಥಾಪನೆ ಬಳಿಕ ನಾಮಕರಣ ಮಾಡಲಾಗಿದೆ. ಶಿಕ್ಷಣ ಸಂಸ್ಥೆಗಳನ್ನು ಕೇಸರೀಕರಣಗೊಳಿಸುವ ಪ್ರಯತ್ನ ಇದಾಗಿದೆ ಎಂದು ವಿದ್ಯಾರ್ಥಿ ಸಂಘಟನೆಗಳು ಟೀಕೆ ವ್ಯಕ್ತಪಡಿಸಿವೆ.

‘ಇದು ಗಲಭೆಕೋರರು, ದಂಗೆಕೋರರು ಮತ್ತು ಲೂಟಿಕೋರರ ಸರ್ಕಾರ..’: ಬಿಜೆಪಿ ವಿರುದ್ಧ ಕಿಡಿಕಾರಿದ ಮಮತಾ ಬ್ಯಾನರ್ಜಿ
ಬದಲಾವಣೆ ಸುದ್ದಿ

ಬಿಜೆಪಿ ನೇತೃತ್ವದ ಕೇಂದ್ರ ಸರ್ಕಾರದ ವಿರುದ್ಧ ಕಿಡಿಕಾರಿದ ಬಂಗಾಳದ ಮುಖ್ಯಮಂತ್ರಿ ಮಮತಾ ಬ್ಯಾನರ್ಜಿ, “ಕೇಂದ್ರವು ಗಲಭೆಕೋರರು, ದಂಗೆಕೋರರು ಮತ್ತು ಲೂಟಿಕೋರರ ಸರ್ಕಾರವಾಗಿದೆ” ಎಂದು ಆಕ್ರೋಶ ಹೊರಹಾಕಿದರು.

ಕಳೆದ ವರ್ಷದಿಂದ ಭಾರೀ ಜನಾಂಗೀಯ ಹಿಂಸಾಚಾರ ಕಂಡಿರುವ ಮಣಿಪುರದ ಪಕ್ಕದ ರಾಜ್ಯವಾದ ಅಸ್ಸಾಂನ

ಸಿಲ್ಚಾರ್‌ನಲ್ಲಿ ತನ್ನ ಪಕ್ಷದ ಅಭ್ಯರ್ಥಿಯ ಪರವಾಗಿ ಮಾತನಾಡಿದ ಅವರು “ಪ್ರಧಾನಿ ನರೇಂದ್ರ ಮೋದಿ ನಿಮಗೆ ನ್ಯಾಯ ನೀಡುತ್ತಾರೆ ಎಂದು ನೀವು ಭಾವಿಸುತ್ತೀರಾ” ಎಂದು ಜನರನ್ನು ಪ್ರಶ್ನಿಸಿದರು. ಬಿಜೆಪಿ ಮತ್ತು ಕೇಂದ್ರ ಸರ್ಕಾರದ ವಿರುದ್ಧ ಟೀಕಾಪ್ರಹಾರ ನಡೆಸಿರುವ ಬ್ಯಾನರ್ಜಿ, “ಈ ಚುನಾವಣೆ ಭಯಾನಕವಾಗಲಿದೆ. ನೀವು ಈ ರೀತಿಯ ಕಳಂಕಿತ ಚುನಾವಣೆಯನ್ನು ನೋಡಿಲ್ಲ, ಇದು ಏಜೆನ್ಸಿಯ ಸರ್ಕಾರ, ಏಜೆನ್ಸಿಗಾಗಿ ಮತ್ತು ಏಜೆನ್ಸಿಯಿಂದ” ಎಂದು ಹೇಳಿದರು.

ಮಣಿಪುರದಲ್ಲಿ ನಡೆದ ಜನಾಂಗೀಯ ಹಿಂಸಾಚಾರವನ್ನು

ಕುರಿತು ಮಾತನಾಡಿದ ಅವರು, “ಮೋದಿ ನಿಮಗೆ ನ್ಯಾಯ ಕೊಡುತ್ತಾರೆ ಎಂದು ನೀವು ಭಾವಿಸುತ್ತೀರಾ? ನೀವು ಇದನ್ನು ನಂಬುತ್ತೀರಾ? ನೀವು ಈಗ ಸಾಯುತ್ತಿದ್ದೀರಿ ಎಂದು ನೀವು ಭಾವಿಸಿದರೆ, ನೀವು ಅದನ್ನು ನಂಬಬಹುದು. ಆದರೆ, ಮೋದಿ ಯಾರಿಗಾದರೂ ಏನಾದರೂ ಮಾಡುತ್ತಾರೆ ಎಂಬ ನಂಬಿಕೆಯೂ ಬೇಡ. ಏಕೆಂದರೆ ಇದು ಗಲಭೆಕೋರರ, ದುರುಳರ, ಲೂಟಿಕೋರರ ಸರ್ಕಾರ, ಇದು ಜುಮ್ಲಾಬಾಜ್ ಸರ್ಕಾರ; ಅವರು ಕ್ಷಮೆಗೆ ಅರ್ಹರಲ್ಲ” ಎಂದು ಆಕ್ರೋಶ ಹೊರಹಾಕಿದರು.
